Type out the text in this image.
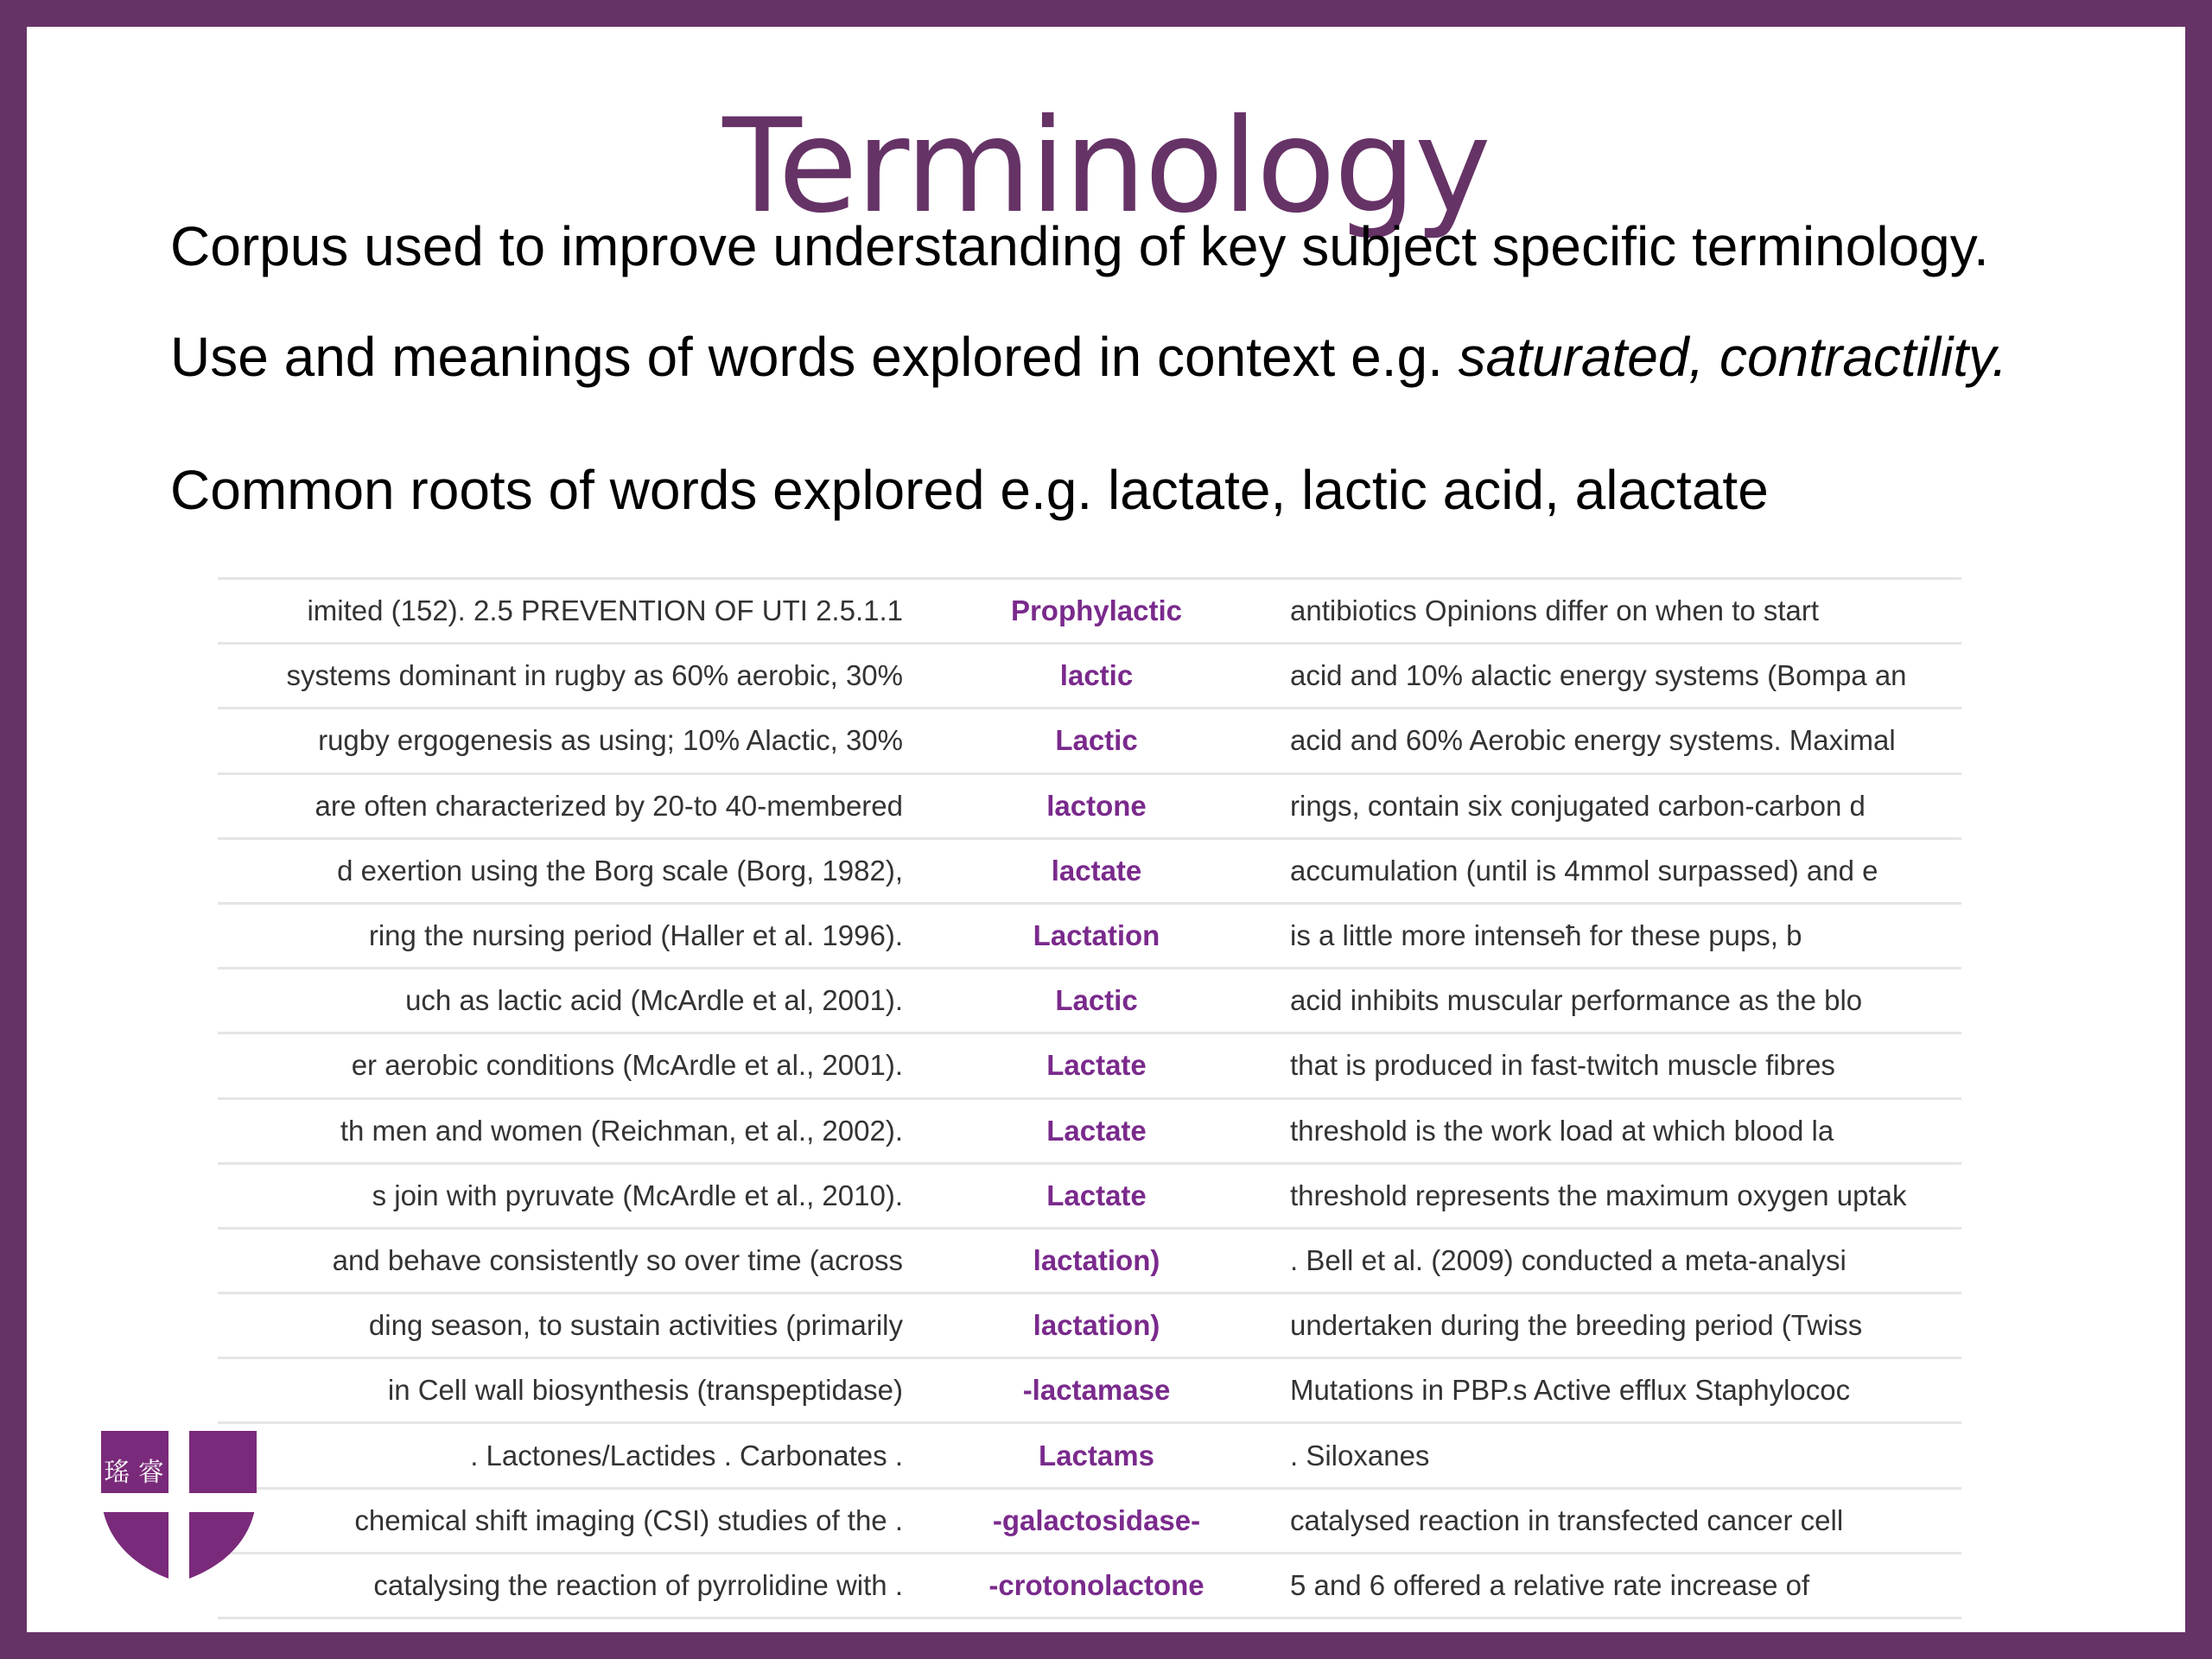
Terminology
Corpus used to improve understanding of key subject specific terminology.
Use and meanings of words explored in context e.g. saturated, contractility.
Common roots of words explored e.g. lactate, lactic acid, alactate
imited (152). 2.5 PREVENTION OF UTI 2.5.1.1	Prophylactic	antibiotics Opinions differ on when to start
systems dominant in rugby as 60% aerobic, 30%	lactic	acid and 10% alactic energy systems (Bompa an
rugby ergogenesis as using; 10% Alactic, 30%	Lactic	acid and 60% Aerobic energy systems. Maximal
are often characterized by 20-to 40-membered	lactone	rings, contain six conjugated carbon-carbon d
d exertion using the Borg scale (Borg, 1982),	lactate	accumulation (until is 4mmol surpassed) and e
ring the nursing period (Haller et al. 1996).	Lactation	is a little more intenseħ for these pups, b
uch as lactic acid (McArdle et al, 2001).	Lactic	acid inhibits muscular performance as the blo
er aerobic conditions (McArdle et al., 2001).	Lactate	that is produced in fast-twitch muscle fibres
th men and women (Reichman, et al., 2002).	Lactate	threshold is the work load at which blood la
s join with pyruvate (McArdle et al., 2010).	Lactate	threshold represents the maximum oxygen uptak
and behave consistently so over time (across	lactation)	. Bell et al. (2009) conducted a meta-analysi
ding season, to sustain activities (primarily	lactation)	undertaken during the breeding period (Twiss
in Cell wall biosynthesis (transpeptidase)	-lactamase	Mutations in PBP.s Active efflux Staphylococ
. Lactones/Lactides . Carbonates .	Lactams	. Siloxanes
chemical shift imaging (CSI) studies of the .	-galactosidase-	catalysed reaction in transfected cancer cell
catalysing the reaction of pyrrolidine with .	-crotonolactone	5 and 6 offered a relative rate increase of
瑤 睿
